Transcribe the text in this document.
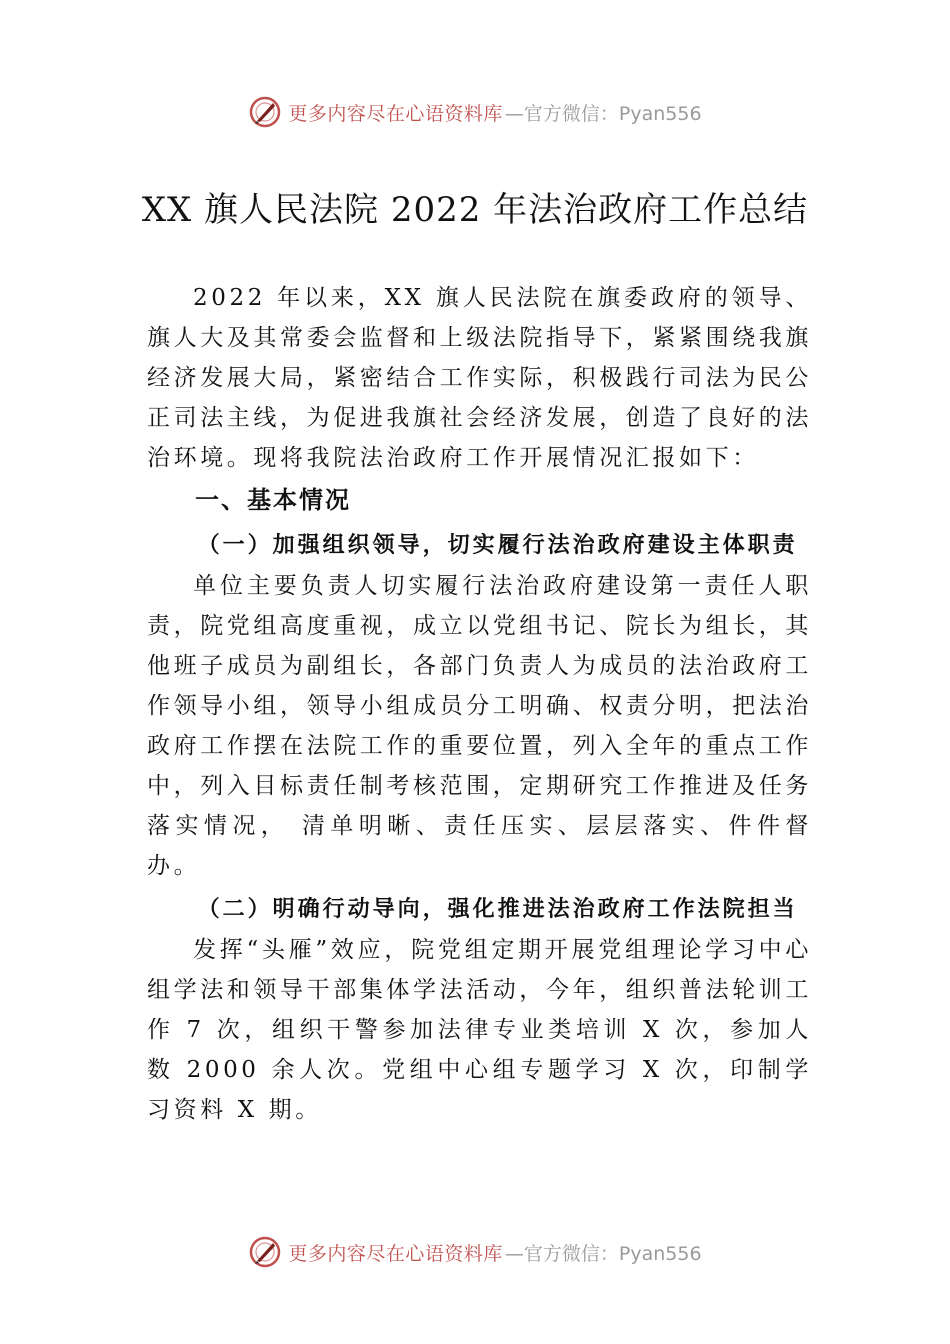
更多内容尽在心语资料库 —官方微信：Pyan556
XX 旗人民法院 2022 年法治政府工作总结

2022 年以来，XX 旗人民法院在旗委政府的领导、旗人大及其常委会监督和上级法院指导下，紧紧围绕我旗经济发展大局，紧密结合工作实际，积极践行司法为民公正司法主线，为促进我旗社会经济发展，创造了良好的法治环境。现将我院法治政府工作开展情况汇报如下：

一、基本情况
（一）加强组织领导，切实履行法治政府建设主体职责

单位主要负责人切实履行法治政府建设第一责任人职责，院党组高度重视，成立以党组书记、院长为组长，其他班子成员为副组长，各部门负责人为成员的法治政府工作领导小组，领导小组成员分工明确、权责分明，把法治政府工作摆在法院工作的重要位置，列入全年的重点工作中，列入目标责任制考核范围，定期研究工作推进及任务落实情况， 清单明晰、责任压实、层层落实、件件督办。

（二）明确行动导向，强化推进法治政府工作法院担当

发挥“头雁”效应，院党组定期开展党组理论学习中心组学法和领导干部集体学法活动，今年，组织普法轮训工作 7 次，组织干警参加法律专业类培训 X 次，参加人数 2000 余人次。党组中心组专题学习 X 次，印制学习资料 X 期。

更多内容尽在心语资料库 —官方微信：Pyan556
